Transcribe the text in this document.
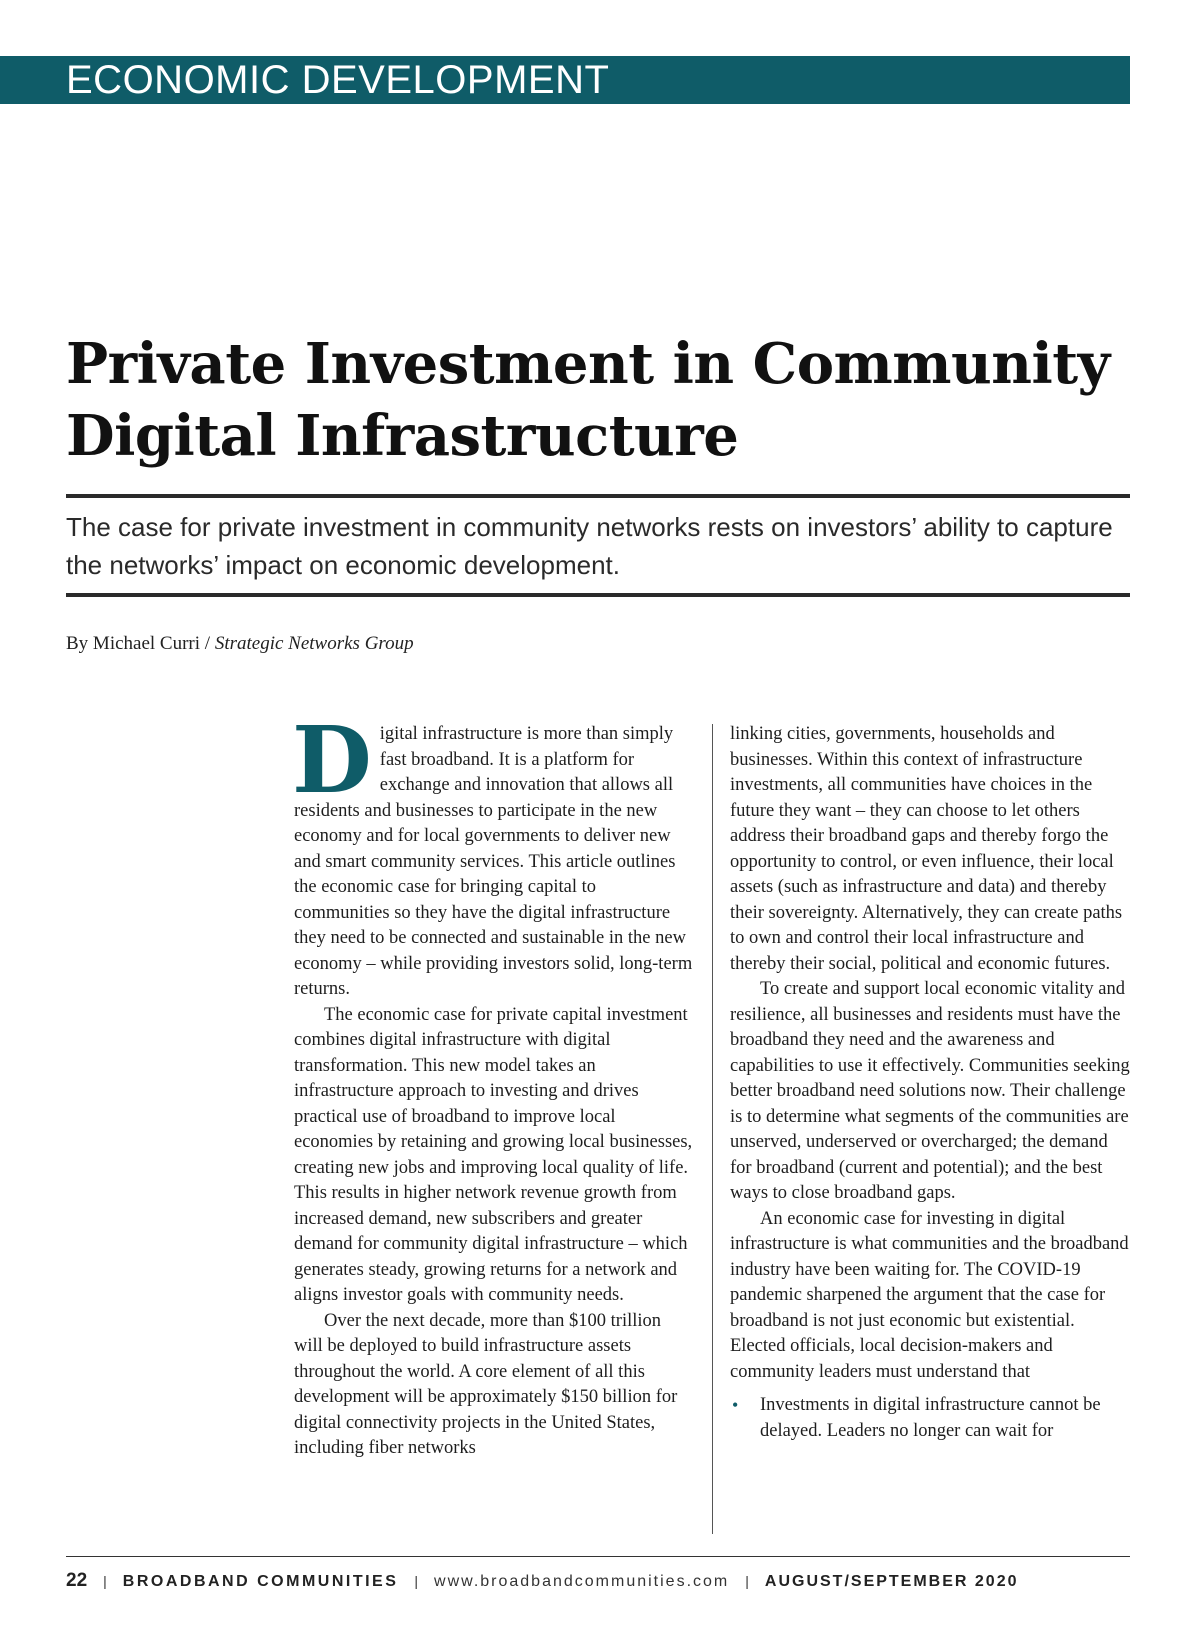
ECONOMIC DEVELOPMENT
Private Investment in Community
Digital Infrastructure

The case for private investment in community networks rests on investors’ ability to capture the networks’ impact on economic development.

By Michael Curri / Strategic Networks Group

Digital infrastructure is more than simply fast broadband. It is a platform for exchange and innovation that allows all residents and businesses to participate in the new economy and for local governments to deliver new and smart community services. This article outlines the economic case for bringing capital to communities so they have the digital infrastructure they need to be connected and sustainable in the new economy – while providing investors solid, long-term returns.

The economic case for private capital investment combines digital infrastructure with digital transformation. This new model takes an infrastructure approach to investing and drives practical use of broadband to improve local economies by retaining and growing local businesses, creating new jobs and improving local quality of life. This results in higher network revenue growth from increased demand, new subscribers and greater demand for community digital infrastructure – which generates steady, growing returns for a network and aligns investor goals with community needs.

Over the next decade, more than $100 trillion will be deployed to build infrastructure assets throughout the world. A core element of all this development will be approximately $150 billion for digital connectivity projects in the United States, including fiber networks

linking cities, governments, households and businesses. Within this context of infrastructure investments, all communities have choices in the future they want – they can choose to let others address their broadband gaps and thereby forgo the opportunity to control, or even influence, their local assets (such as infrastructure and data) and thereby their sovereignty. Alternatively, they can create paths to own and control their local infrastructure and thereby their social, political and economic futures.

To create and support local economic vitality and resilience, all businesses and residents must have the broadband they need and the awareness and capabilities to use it effectively. Communities seeking better broadband need solutions now. Their challenge is to determine what segments of the communities are unserved, underserved or overcharged; the demand for broadband (current and potential); and the best ways to close broadband gaps.

An economic case for investing in digital infrastructure is what communities and the broadband industry have been waiting for. The COVID-19 pandemic sharpened the argument that the case for broadband is not just economic but existential. Elected officials, local decision-makers and community leaders must understand that

• Investments in digital infrastructure cannot be delayed. Leaders no longer can wait for
22 | BROADBAND COMMUNITIES | www.broadbandcommunities.com | AUGUST/SEPTEMBER 2020
